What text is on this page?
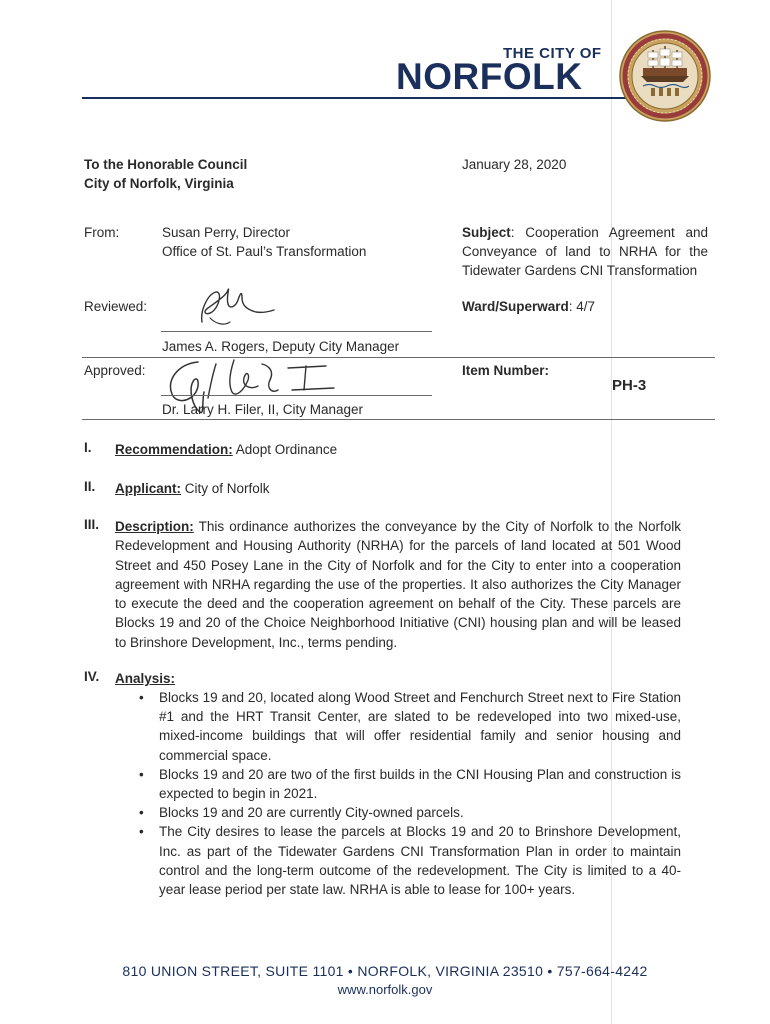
THE CITY OF
NORFOLK
To the Honorable Council
City of Norfolk, Virginia
January 28, 2020
From:	Susan Perry, Director
Office of St. Paul’s Transformation
Subject: Cooperation Agreement and Conveyance of land to NRHA for the Tidewater Gardens CNI Transformation
Reviewed:	Ward/Superward: 4/7
James A. Rogers, Deputy City Manager
Approved:
Dr. Larry H. Filer, II, City Manager
Item Number:
PH-3
I. Recommendation: Adopt Ordinance
II. Applicant: City of Norfolk
III. Description: This ordinance authorizes the conveyance by the City of Norfolk to the Norfolk Redevelopment and Housing Authority (NRHA) for the parcels of land located at 501 Wood Street and 450 Posey Lane in the City of Norfolk and for the City to enter into a cooperation agreement with NRHA regarding the use of the properties. It also authorizes the City Manager to execute the deed and the cooperation agreement on behalf of the City. These parcels are Blocks 19 and 20 of the Choice Neighborhood Initiative (CNI) housing plan and will be leased to Brinshore Development, Inc., terms pending.
IV. Analysis:
• Blocks 19 and 20, located along Wood Street and Fenchurch Street next to Fire Station #1 and the HRT Transit Center, are slated to be redeveloped into two mixed-use, mixed-income buildings that will offer residential family and senior housing and commercial space.
• Blocks 19 and 20 are two of the first builds in the CNI Housing Plan and construction is expected to begin in 2021.
• Blocks 19 and 20 are currently City-owned parcels.
• The City desires to lease the parcels at Blocks 19 and 20 to Brinshore Development, Inc. as part of the Tidewater Gardens CNI Transformation Plan in order to maintain control and the long-term outcome of the redevelopment. The City is limited to a 40-year lease period per state law. NRHA is able to lease for 100+ years.
810 UNION STREET, SUITE 1101 • NORFOLK, VIRGINIA 23510 • 757-664-4242
www.norfolk.gov
